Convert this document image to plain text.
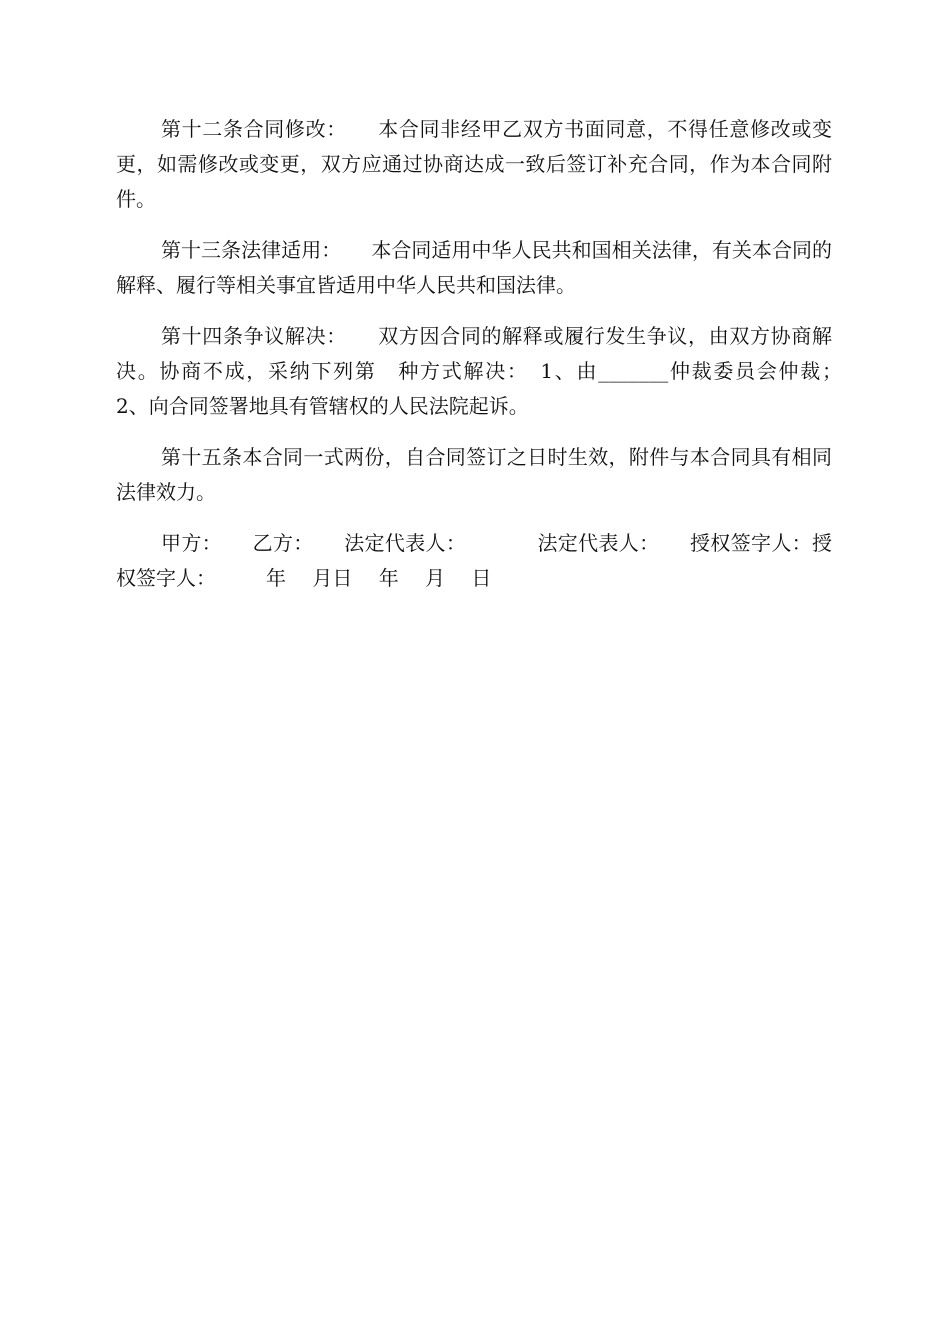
第十二条合同修改：　　本合同非经甲乙双方书面同意，不得任意修改或变更，如需修改或变更，双方应通过协商达成一致后签订补充合同，作为本合同附件。

第十三条法律适用：　　本合同适用中华人民共和国相关法律，有关本合同的解释、履行等相关事宜皆适用中华人民共和国法律。

第十四条争议解决：　　双方因合同的解释或履行发生争议，由双方协商解决。协商不成，采纳下列第　种方式解决：　1、由_______仲裁委员会仲裁；　　　2、向合同签署地具有管辖权的人民法院起诉。

第十五条本合同一式两份，自合同签订之日时生效，附件与本合同具有相同法律效力。

甲方：　　乙方：　　法定代表人：　　　　法定代表人：　　授权签字人：授权签字人：　　　年　 月日　 年　 月　 日
